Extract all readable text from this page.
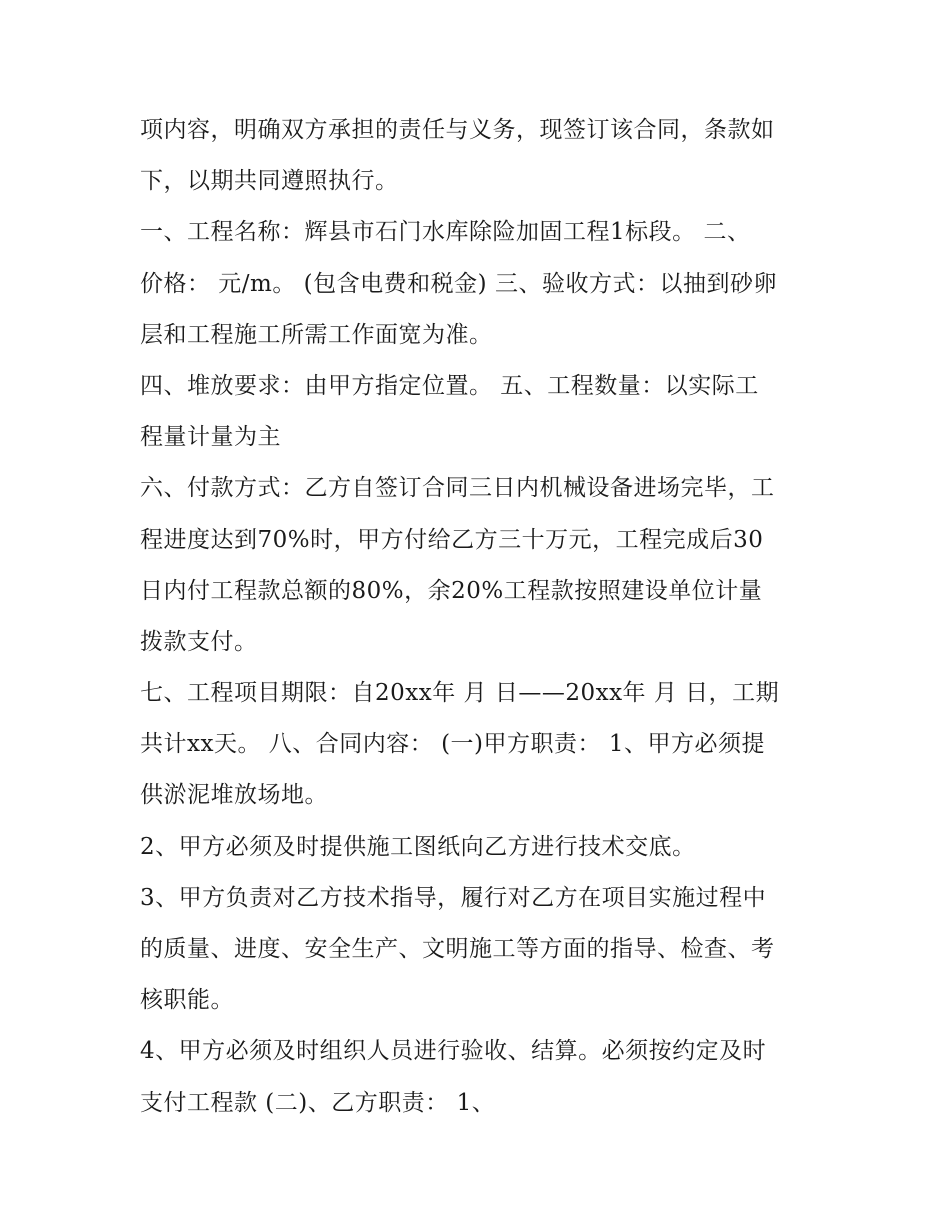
项内容，明确双方承担的责任与义务，现签订该合同，条款如
下，以期共同遵照执行。
一、工程名称：辉县市石门水库除险加固工程1标段。 二、
价格： 元/m。 (包含电费和税金) 三、验收方式：以抽到砂卵
层和工程施工所需工作面宽为准。
四、堆放要求：由甲方指定位置。 五、工程数量：以实际工
程量计量为主
六、付款方式：乙方自签订合同三日内机械设备进场完毕，工
程进度达到70%时，甲方付给乙方三十万元，工程完成后30
日内付工程款总额的80%，余20%工程款按照建设单位计量
拨款支付。
七、工程项目期限：自20xx年 月 日——20xx年 月 日，工期
共计xx天。 八、合同内容： (一)甲方职责： 1、甲方必须提
供淤泥堆放场地。
2、甲方必须及时提供施工图纸向乙方进行技术交底。
3、甲方负责对乙方技术指导，履行对乙方在项目实施过程中
的质量、进度、安全生产、文明施工等方面的指导、检查、考
核职能。
4、甲方必须及时组织人员进行验收、结算。必须按约定及时
支付工程款 (二)、乙方职责： 1、
